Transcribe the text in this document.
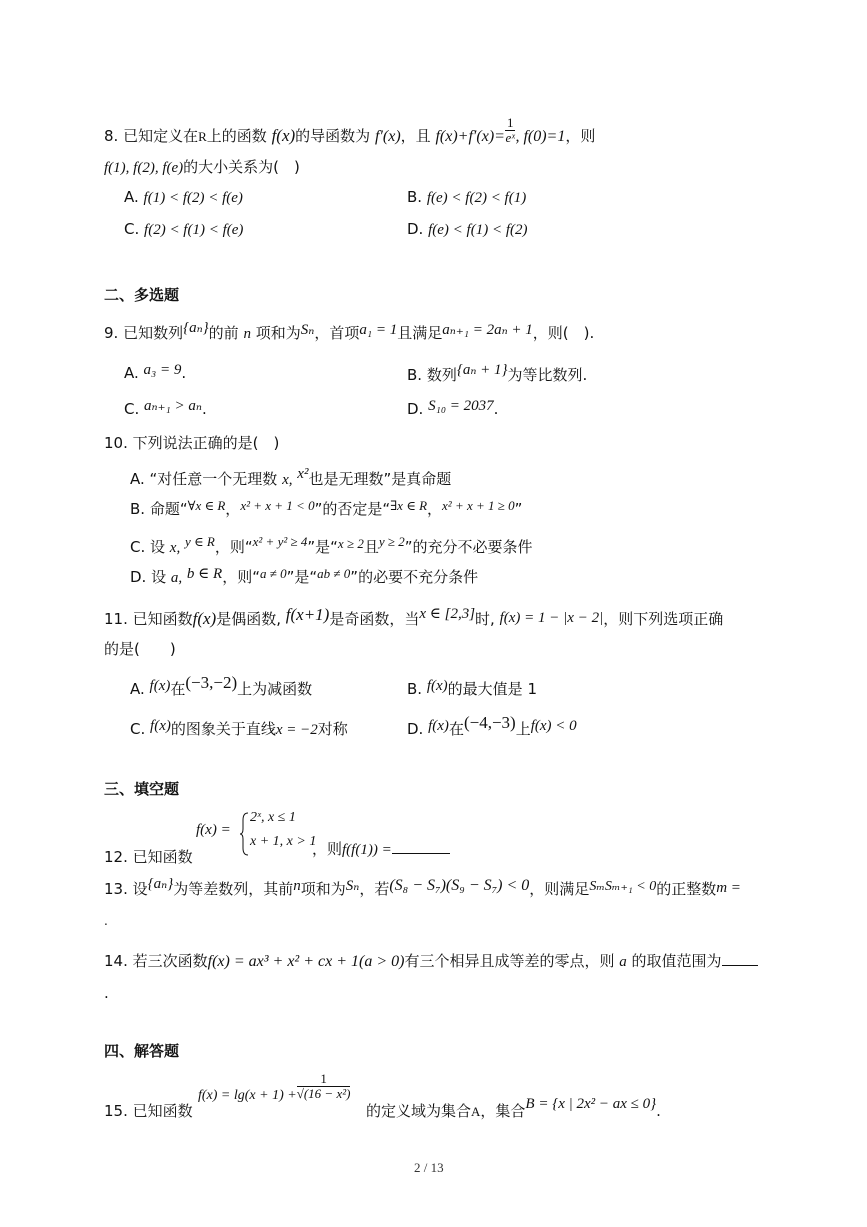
8. 已知定义在R上的函数 f(x)的导函数为 f′(x)，且 $f(x)+f'(x)= \frac{1}{\text{eˣ}}$ , f(0)=1，则
f(1), f(2), f(e)的大小关系为(　)
A. f(1) < f(2) < f(e)	B. f(e) < f(2) < f(1)
C. f(2) < f(1) < f(e)	D. f(e) < f(1) < f(2)
二、多选题
9. 已知数列{aₙ}的前 n 项和为Sₙ，首项a₁ = 1且满足aₙ₊₁ = 2aₙ + 1，则(　).
A. a₃ = 9.	B. 数列{aₙ + 1}为等比数列.
C. aₙ₊₁ > aₙ.	D. S₁₀ = 2037.
10. 下列说法正确的是(　)
A. “对任意一个无理数 x, x²也是无理数”是真命题
B. 命题“∀x ∈ R，x² + x + 1 < 0”的否定是“∃x ∈ R，x² + x + 1 ≥ 0”
C. 设 x, y ∈ R，则“x² + y² ≥ 4”是“x ≥ 2且y ≥ 2”的充分不必要条件
D. 设 a, b ∈ R，则“a ≠ 0”是“ab ≠ 0”的必要不充分条件
11. 已知函数f(x)是偶函数, f(x+1)是奇函数，当x ∈ [2,3]时, f(x) = 1 − |x − 2|，则下列选项正确
的是(　　)
A. f(x)在(−3,−2)上为减函数	B. f(x)的最大值是 1
C. f(x)的图象关于直线x = −2对称	D. f(x)在(−4,−3)上f(x) < 0
三、填空题
12. 已知函数
f(x) =
2ˣ, x ≤ 1
x + 1, x > 1
，则f(f(1)) =
13. 设{aₙ}为等差数列，其前n项和为Sₙ，若(S₈ − S₇)(S₉ − S₇) < 0，则满足SₘSₘ₊₁ < 0的正整数m =
.
14. 若三次函数f(x) = ax³ + x² + cx + 1(a > 0)有三个相异且成等差的零点，则 a 的取值范围为
.
四、解答题
15. 已知函数
$f(x) = \lg(x + 1) + \frac{1}{\text{√(16 − x²)}}$
的定义域为集合A，集合B = {x | 2x² − ax ≤ 0}.
2 / 13
